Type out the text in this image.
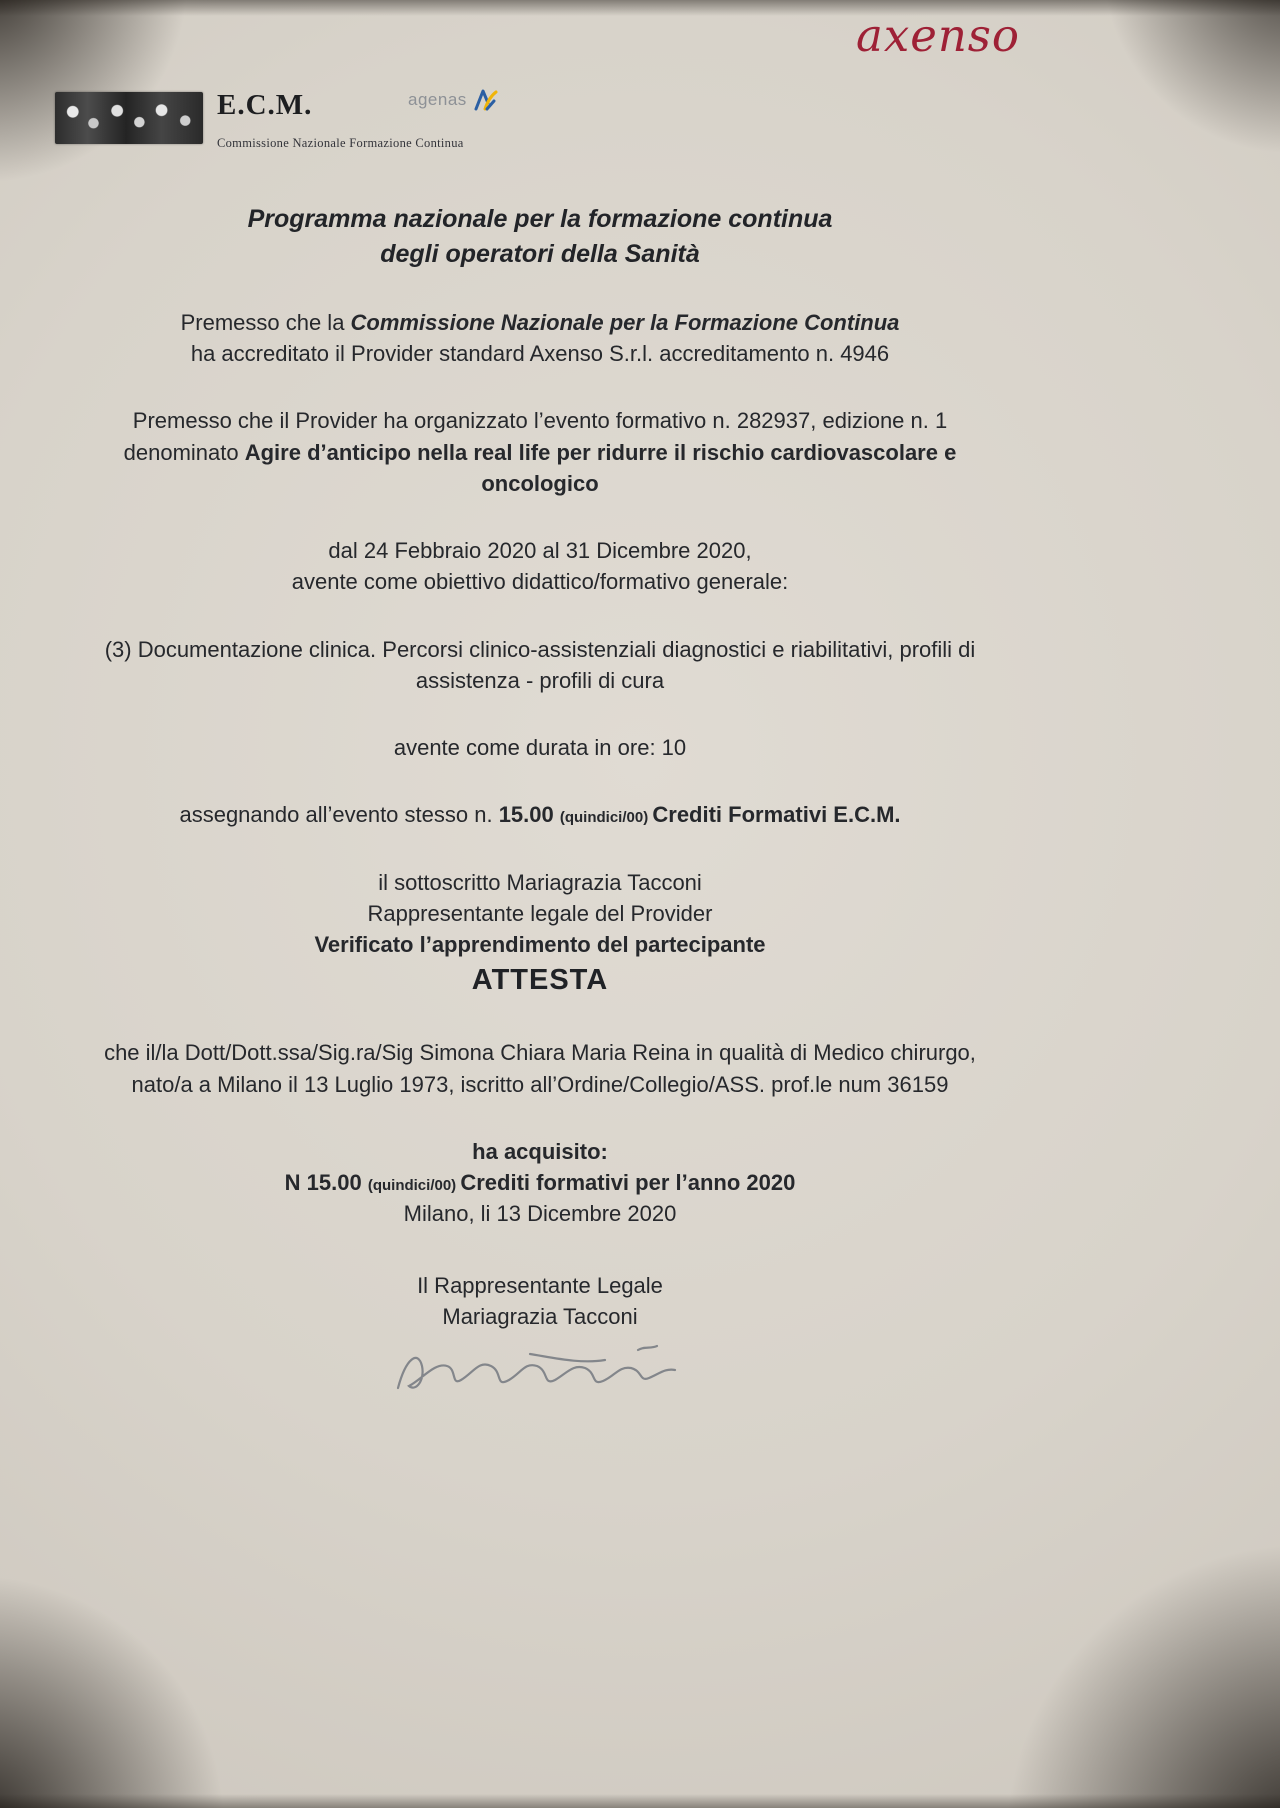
E.C.M.
Commissione Nazionale Formazione Continua
agenas
axenso

Programma nazionale per la formazione continua

degli operatori della Sanità

Premesso che la Commissione Nazionale per la Formazione Continua

ha accreditato il Provider standard Axenso S.r.l. accreditamento n. 4946

Premesso che il Provider ha organizzato l’evento formativo n. 282937, edizione n. 1

denominato Agire d’anticipo nella real life per ridurre il rischio cardiovascolare e

oncologico

dal 24 Febbraio 2020 al 31 Dicembre 2020,

avente come obiettivo didattico/formativo generale:

(3) Documentazione clinica. Percorsi clinico-assistenziali diagnostici e riabilitativi, profili di

assistenza - profili di cura

avente come durata in ore: 10

assegnando all’evento stesso n. 15.00 (quindici/00) Crediti Formativi E.C.M.

il sottoscritto Mariagrazia Tacconi

Rappresentante legale del Provider

Verificato l’apprendimento del partecipante

ATTESTA

che il/la Dott/Dott.ssa/Sig.ra/Sig Simona Chiara Maria Reina in qualità di Medico chirurgo,

nato/a a Milano il 13 Luglio 1973, iscritto all’Ordine/Collegio/ASS. prof.le num 36159

ha acquisito:

N 15.00 (quindici/00) Crediti formativi per l’anno 2020

Milano, li 13 Dicembre 2020

Il Rappresentante Legale

Mariagrazia Tacconi
